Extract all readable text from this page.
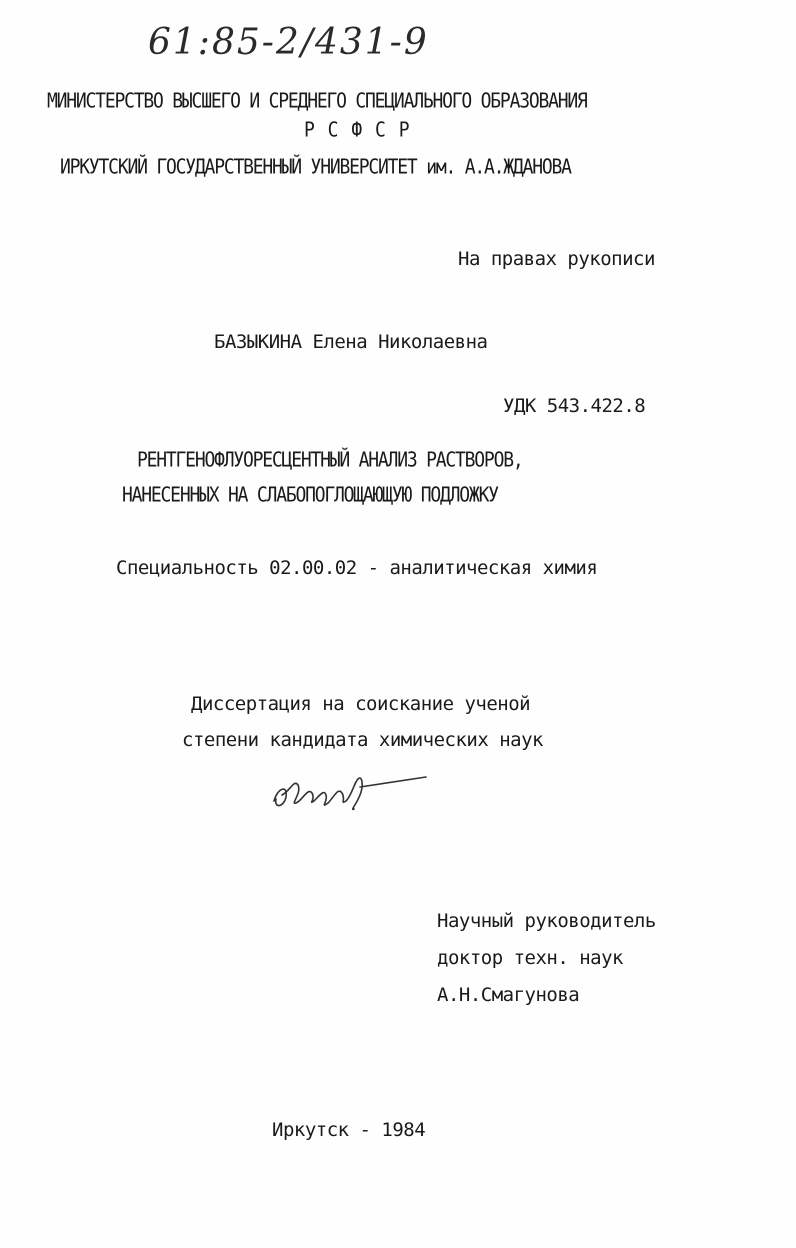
61:85-2/431-9
МИНИСТЕРСТВО ВЫСШЕГО И СРЕДНЕГО СПЕЦИАЛЬНОГО ОБРАЗОВАНИЯ
Р С Ф С Р
ИРКУТСКИЙ ГОСУДАРСТВЕННЫЙ УНИВЕРСИТЕТ им. А.А.ЖДАНОВА
На правах рукописи
БАЗЫКИНА Елена Николаевна
УДК 543.422.8
РЕНТГЕНОФЛУОРЕСЦЕНТНЫЙ АНАЛИЗ РАСТВОРОВ,
НАНЕСЕННЫХ НА СЛАБОПОГЛОЩАЮЩУЮ ПОДЛОЖКУ
Специальность 02.00.02 - аналитическая химия
Диссертация на соискание ученой
степени кандидата химических наук
Научный руководитель
доктор техн. наук
А.Н.Смагунова
Иркутск - 1984
